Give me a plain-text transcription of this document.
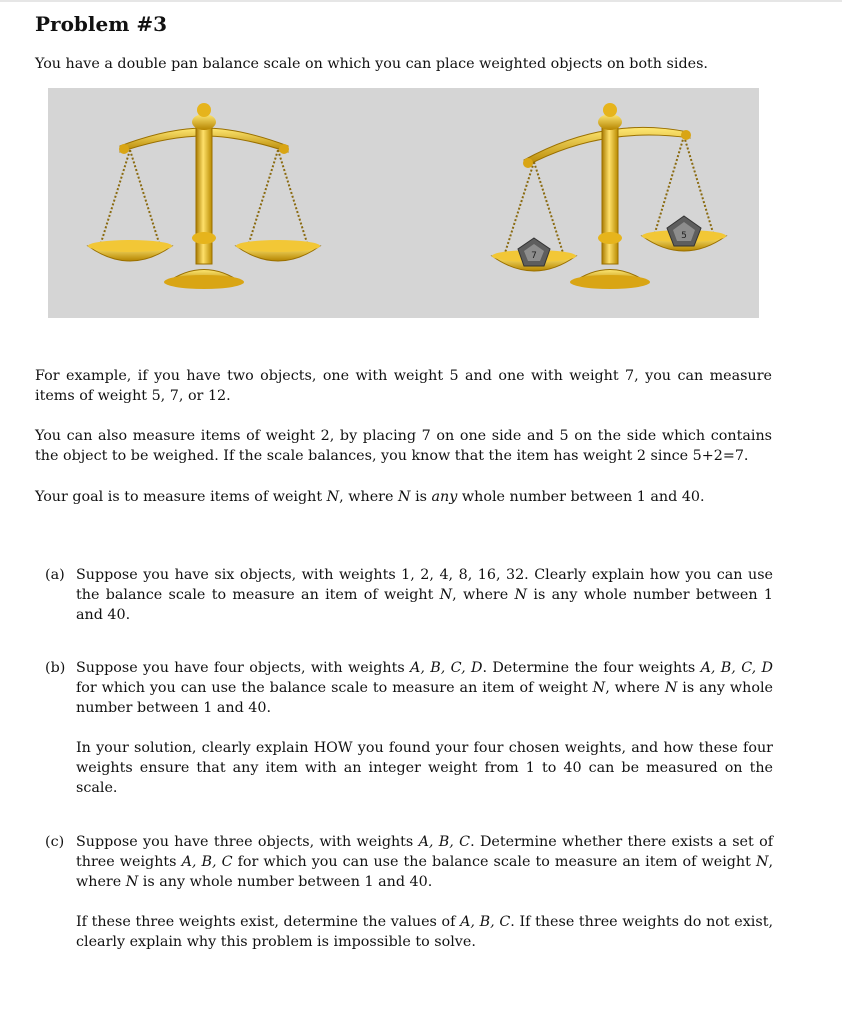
Problem #3

You have a double pan balance scale on which you can place weighted objects on both sides.

7
5

For example, if you have two objects, one with weight 5 and one with weight 7, you can measure items of weight 5, 7, or 12.

You can also measure items of weight 2, by placing 7 on one side and 5 on the side which contains the object to be weighed. If the scale balances, you know that the item has weight 2 since 5+2=7.

Your goal is to measure items of weight N, where N is any whole number between 1 and 40.

(a) Suppose you have six objects, with weights 1, 2, 4, 8, 16, 32. Clearly explain how you can use the balance scale to measure an item of weight N, where N is any whole number between 1 and 40.

(b) Suppose you have four objects, with weights A, B, C, D. Determine the four weights A, B, C, D for which you can use the balance scale to measure an item of weight N, where N is any whole number between 1 and 40.

In your solution, clearly explain HOW you found your four chosen weights, and how these four weights ensure that any item with an integer weight from 1 to 40 can be measured on the scale.

(c) Suppose you have three objects, with weights A, B, C. Determine whether there exists a set of three weights A, B, C for which you can use the balance scale to measure an item of weight N, where N is any whole number between 1 and 40.

If these three weights exist, determine the values of A, B, C. If these three weights do not exist, clearly explain why this problem is impossible to solve.
